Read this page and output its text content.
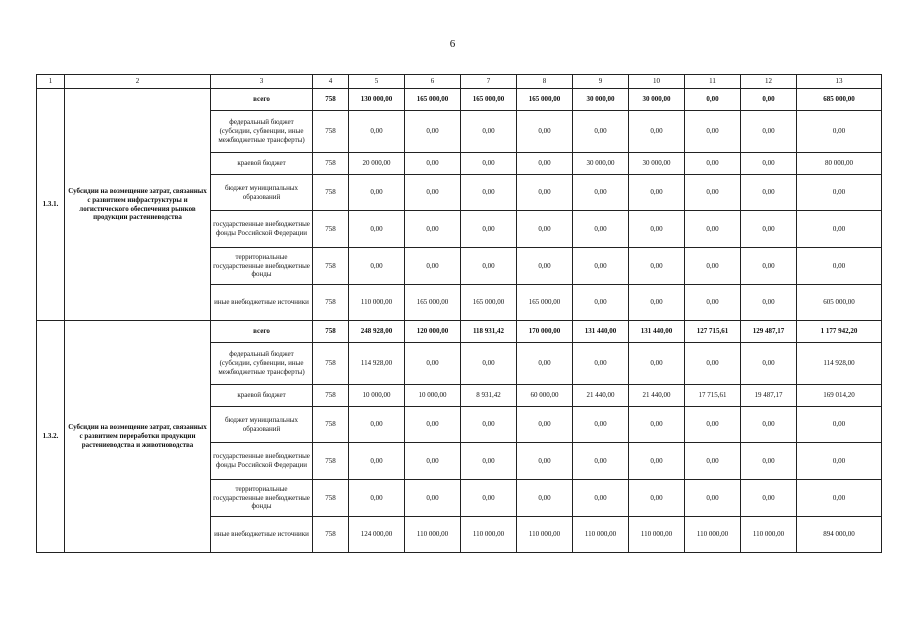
6
1	2	3	4	5	6	7	8	9	10	11	12	13
1.3.1.	Субсидии на возмещение затрат, связанных с развитием инфраструктуры и логистического обеспечения рынков продукции растениеводства	всего	758	130 000,00	165 000,00	165 000,00	165 000,00	30 000,00	30 000,00	0,00	0,00	685 000,00
		федеральный бюджет (субсидии, субвенции, иные межбюджетные трансферты)	758	0,00	0,00	0,00	0,00	0,00	0,00	0,00	0,00	0,00
		краевой бюджет	758	20 000,00	0,00	0,00	0,00	30 000,00	30 000,00	0,00	0,00	80 000,00
		бюджет муниципальных образований	758	0,00	0,00	0,00	0,00	0,00	0,00	0,00	0,00	0,00
		государственные внебюджетные фонды Российской Федерации	758	0,00	0,00	0,00	0,00	0,00	0,00	0,00	0,00	0,00
		территориальные государственные внебюджетные фонды	758	0,00	0,00	0,00	0,00	0,00	0,00	0,00	0,00	0,00
		иные внебюджетные источники	758	110 000,00	165 000,00	165 000,00	165 000,00	0,00	0,00	0,00	0,00	605 000,00
1.3.2.	Субсидии на возмещение затрат, связанных с развитием переработки продукции растениеводства и животноводства	всего	758	248 928,00	120 000,00	118 931,42	170 000,00	131 440,00	131 440,00	127 715,61	129 487,17	1 177 942,20
		федеральный бюджет (субсидии, субвенции, иные межбюджетные трансферты)	758	114 928,00	0,00	0,00	0,00	0,00	0,00	0,00	0,00	114 928,00
		краевой бюджет	758	10 000,00	10 000,00	8 931,42	60 000,00	21 440,00	21 440,00	17 715,61	19 487,17	169 014,20
		бюджет муниципальных образований	758	0,00	0,00	0,00	0,00	0,00	0,00	0,00	0,00	0,00
		государственные внебюджетные фонды Российской Федерации	758	0,00	0,00	0,00	0,00	0,00	0,00	0,00	0,00	0,00
		территориальные государственные внебюджетные фонды	758	0,00	0,00	0,00	0,00	0,00	0,00	0,00	0,00	0,00
		иные внебюджетные источники	758	124 000,00	110 000,00	110 000,00	110 000,00	110 000,00	110 000,00	110 000,00	110 000,00	894 000,00
